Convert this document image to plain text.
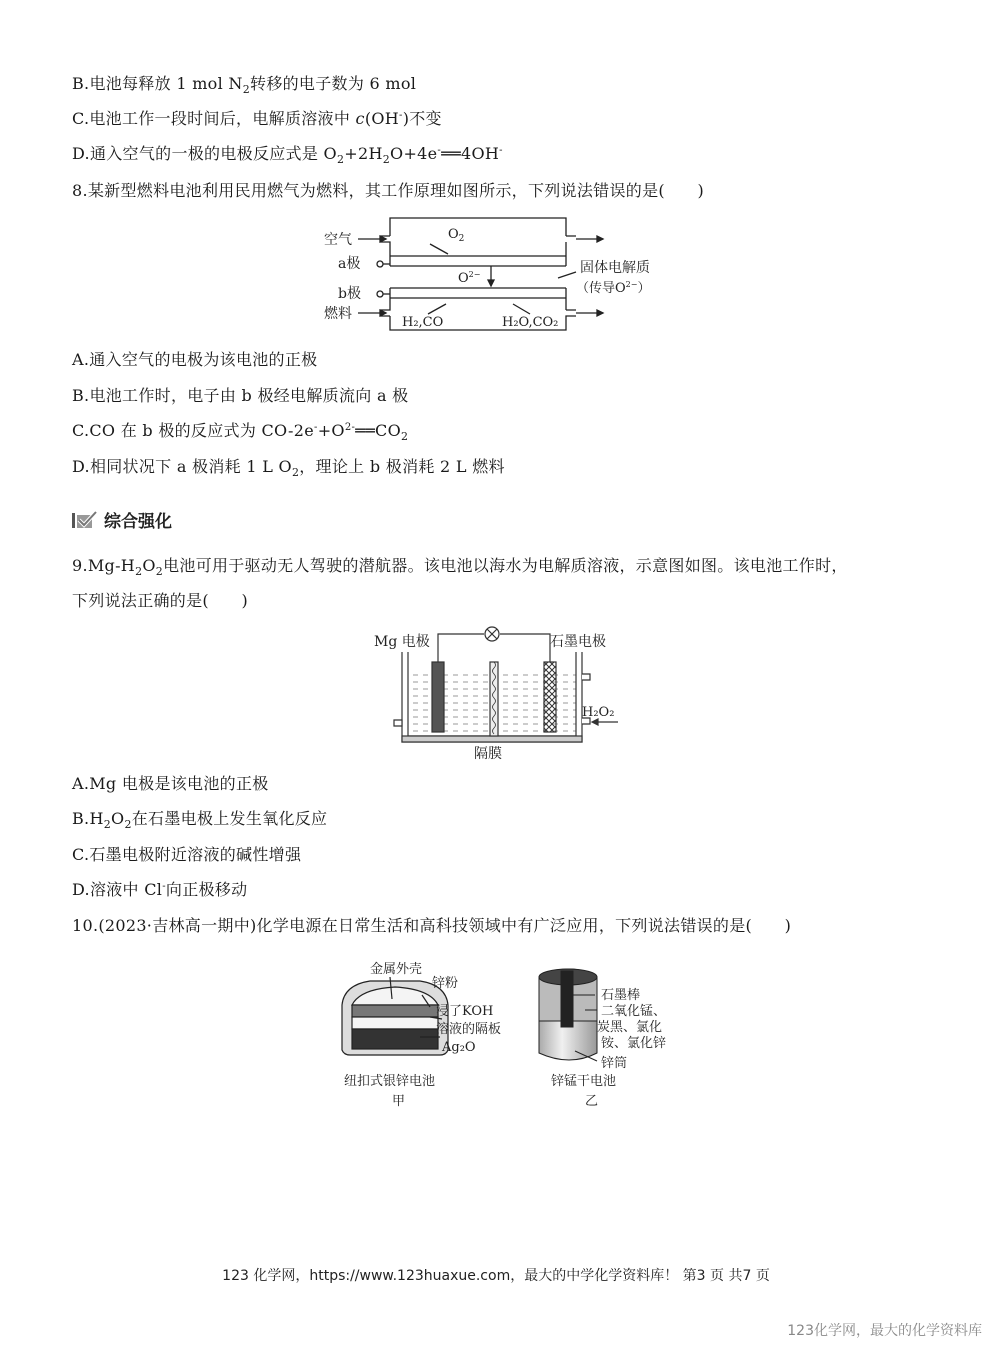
B.电池每释放 1 mol $N_2$转移的电子数为 6 mol
C.电池工作一段时间后，电解质溶液中 c(OH-)不变
D.通入空气的一极的电极反应式是 $O_2+2H_2O+4e^-══4OH^-$
8.某新型燃料电池利用民用燃气为燃料，其工作原理如图所示，下列说法错误的是(　　)
空气
a极
b极
燃料
$O_2$
$O^{2-}$	固体电解质
（传导$O^{2-}$）
H₂,CO	H₂O,CO₂
A.通入空气的电极为该电池的正极
B.电池工作时，电子由 b 极经电解质流向 a 极
C.CO 在 b 极的反应式为 $CO-2e^-+O^{2-}══CO_2$
D.相同状况下 a 极消耗 1 L $O_2$，理论上 b 极消耗 2 L 燃料
综合强化
$9.Mg-H_2O_2$电池可用于驱动无人驾驶的潜航器。该电池以海水为电解质溶液，示意图如图。该电池工作时，
下列说法正确的是(　　)
Mg 电极	石墨电极
H₂O₂
隔膜
A.Mg 电极是该电池的正极
$B.H_2O_2$在石墨电极上发生氧化反应
C.石墨电极附近溶液的碱性增强
D.溶液中 Cl-向正极移动
10.(2023·吉林高一期中)化学电源在日常生活和高科技领域中有广泛应用，下列说法错误的是(　　)
金属外壳
锌粉
浸了KOH
溶液的隔板
Ag₂O
纽扣式银锌电池
甲
石墨棒
二氧化锰、
炭黑、氯化
铵、氯化锌
锌筒
锌锰干电池
乙
123 化学网，https://www.123huaxue.com，最大的中学化学资料库！ 第3 页 共7 页
123化学网，最大的化学资料库
